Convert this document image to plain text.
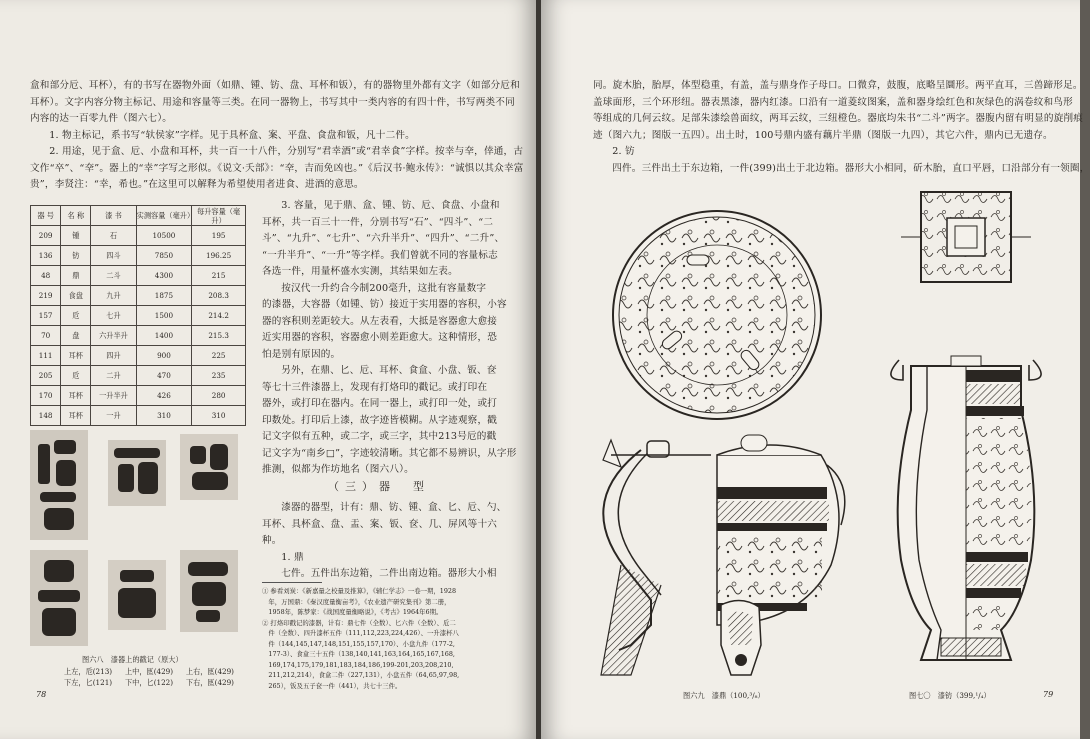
盒和部分卮、耳杯），有的书写在器物外面（如鼎、锺、钫、盘、耳杯和钣），有的器物里外都有文字（如部分卮和

耳杯）。文字内容分物主标记、用途和容量等三类。在同一器物上，书写其中一类内容的有四十件，书写两类不同

内容的达一百零九件（图六七）。

1. 物主标记，系书写“轪侯家”字样。见于具杯盒、案、平盘、食盘和钣，凡十二件。

2. 用途，见于盒、卮、小盘和耳杯，共一百一十八件，分别写“君幸酒”或“君幸食”字样。按幸与㚔，倖通，古

文作“卒”、“㚔”。器上的“幸”字写之形似。《说文·夭部》：“㚔，吉而免凶也。”《后汉书·鲍永传》：“诚惧以其众幸富

贵”，李贤注：“幸，希也。”在这里可以解释为希望使用者进食、进酒的意思。

器 号	名 称	漆 书	实测容量（毫升）	每升容量（毫升）
209	锺	石	10500	195
136	钫	四斗	7850	196.25
48	鼎	二斗	4300	215
219	食盘	九升	1875	208.3
157	卮	七升	1500	214.2
70	盘	六升半升	1400	215.3
111	耳杯	四升	900	225
205	卮	二升	470	235
170	耳杯	一升半升	426	280
148	耳杯	一升	310	310

3. 容量，见于鼎、盒、锺、钫、卮、食盘、小盘和

耳杯，共一百三十一件，分别书写“石”、“四斗”、“二

斗”、“九升”、“七升”、“六升半升”、“四升”、“二升”、

“一升半升”、“一升”等字样。我们曾就不同的容量标志

各选一件，用量杯盛水实测，其结果如左表。

按汉代一升约合今制200毫升，这批有容量数字

的漆器，大容器（如锺、钫）接近于实用器的容积，小容

器的容积则差距较大。从左表看，大抵是容器愈大愈接

近实用器的容积，容器愈小则差距愈大。这种情形，恐

怕是别有原因的。

另外，在鼎、匕、卮、耳杯、食盒、小盘、钣、奁

等七十三件漆器上，发现有打烙印的戳记。或打印在

器外，或打印在器内。在同一器上，或打印一处，或打

印数处。打印后上漆，故字迹皆模糊。从字迹观察，戳

记文字似有五种，或二字，或三字，其中213号卮的戳

记文字为“南乡□”，字迹较清晰。其它都不易辨识，从字形

推测，似都为作坊地名（图六八）。

（三）器　型

漆器的器型，计有：鼎、钫、锺、盒、匕、卮、勺、

耳杯、具杯盒、盘、盂、案、钣、奁、几、屏风等十六

种。

1. 鼎

七件。五件出东边箱，二件出南边箱。器形大小相

① 参看刘炭：《新嘉量之校量及推算》，《辅仁学志》一卷一期，1928
　年，万国鼎：《秦汉度量衡亩考》，《农业遗产研究集刊》第二册，
　1958年，陈梦家：《战国度量衡略说》，《考古》1964年6期。
② 打烙印戳记的漆器，计有：鼎七件（全数）、匕六件（全数）、卮二
　件（全数）、四升漆杯五件（111,112,223,224,426）、一升漆杯八
　件（144,145,147,148,151,155,157,170）、小盘九件（177-2,
　177-3）、食盒三十五件（138,140,141,163,164,165,167,168,
　169,174,175,179,181,183,184,186,199-201,203,208,210,
　211,212,214），食盒二件（227,131），小盘五件（64,65,97,98,
　265），钣及五子奁一件（441），共七十三件。
图六八　漆器上的戳记（原大）
上左，卮(213) 上中，匜(429) 上右，匜(429)
下左，匕(121) 下中，匕(122) 下右，匜(429)
78

同。旋木胎，胎厚，体型稳重，有盖，盖与鼎身作子母口。口微弇，鼓腹，底略呈圜形。两平直耳，三兽蹄形足。

盖球面形，三个环形纽。器表黑漆，器内红漆。口沿有一道菱纹图案，盖和器身绘红色和灰绿色的涡卷纹和鸟形

等组成的几何云纹。足部朱漆绘兽面纹，两耳云纹，三纽橙色。器底均朱书“二斗”两字。器腹内留有明显的旋削痕

迹（图六九；图版一五四）。出土时，100号鼎内盛有藕片半鼎（图版一九四），其它六件，鼎内已无遗存。

2. 钫

四件。三件出土于东边箱，一件(399)出土于北边箱。器形大小相同，斫木胎，直口平唇，口沿部分有一领圈，

图六九　漆鼎（100,³/₈）	图七〇　漆钫（399,¹/₄）	79
